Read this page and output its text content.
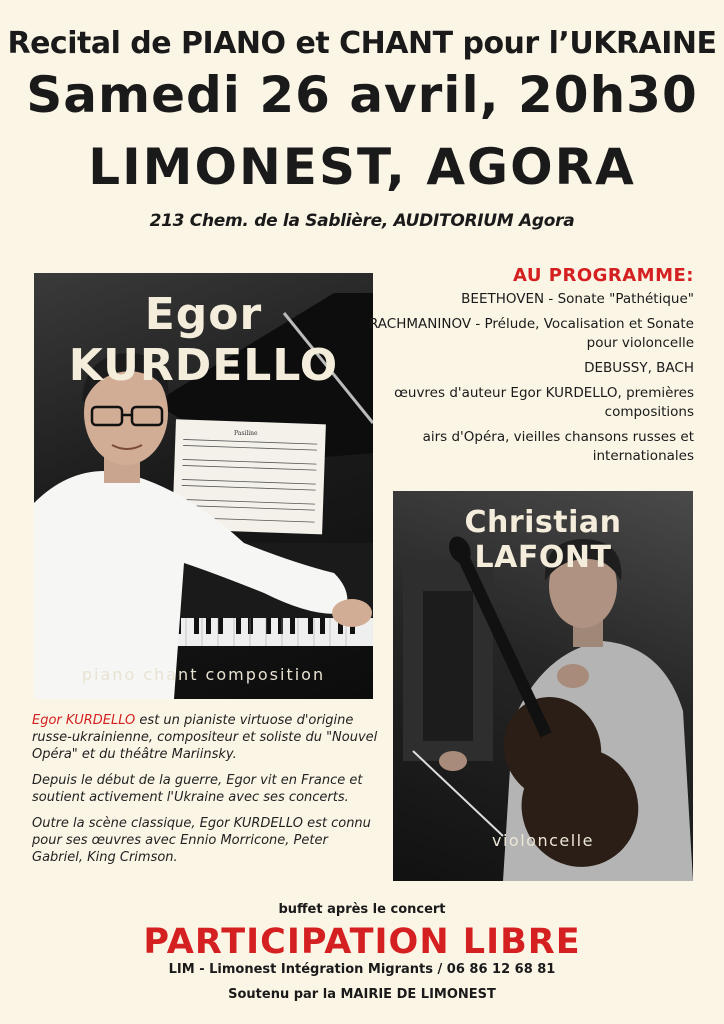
Recital de PIANO et CHANT pour l’UKRAINE
Samedi 26 avril, 20h30
LIMONEST, AGORA
213 Chem. de la Sablière, AUDITORIUM Agora
Pasiline
Egor KURDELLO
piano chant composition
AU PROGRAMME:
BEETHOVEN - Sonate "Pathétique"
RACHMANINOV - Prélude, Vocalisation et Sonate pour violoncelle
DEBUSSY, BACH
œuvres d'auteur Egor KURDELLO, premières compositions
airs d'Opéra, vieilles chansons russes et internationales
Christian LAFONT
violoncelle

Egor KURDELLO est un pianiste virtuose d'origine russe-ukrainienne, compositeur et soliste du "Nouvel Opéra" et du théâtre Mariinsky.

Depuis le début de la guerre, Egor vit en France et soutient activement l'Ukraine avec ses concerts.

Outre la scène classique, Egor KURDELLO est connu pour ses œuvres avec Ennio Morricone, Peter Gabriel, King Crimson.

buffet après le concert
PARTICIPATION LIBRE
LIM - Limonest Intégration Migrants / 06 86 12 68 81
Soutenu par la MAIRIE DE LIMONEST
